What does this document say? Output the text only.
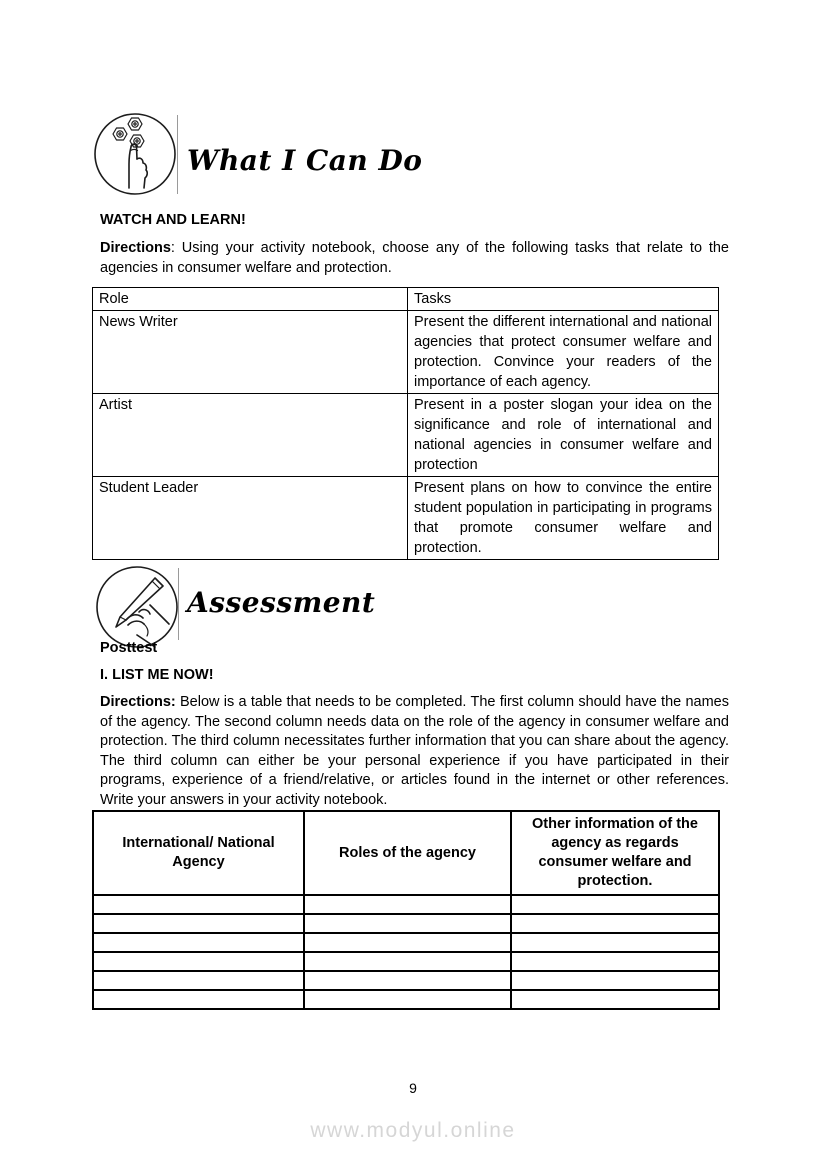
What I Can Do
WATCH AND LEARN!
Directions: Using your activity notebook, choose any of the following tasks that relate to the agencies in consumer welfare and protection.
Role	Tasks
News Writer	Present the different international and national agencies that protect consumer welfare and protection. Convince your readers of the importance of each agency.
Artist	Present in a poster slogan your idea on the significance and role of international and national agencies in consumer welfare and protection
Student Leader	Present plans on how to convince the entire student population in participating in programs that promote consumer welfare and protection.
Assessment
Posttest
I. LIST ME NOW!
Directions: Below is a table that needs to be completed. The first column should have the names of the agency. The second column needs data on the role of the agency in consumer welfare and protection. The third column necessitates further information that you can share about the agency. The third column can either be your personal experience if you have participated in their programs, experience of a friend/relative, or articles found in the internet or other references. Write your answers in your activity notebook.
International/ National Agency	Roles of the agency	Other information of the agency as regards consumer welfare and protection.

9
www.modyul.online
